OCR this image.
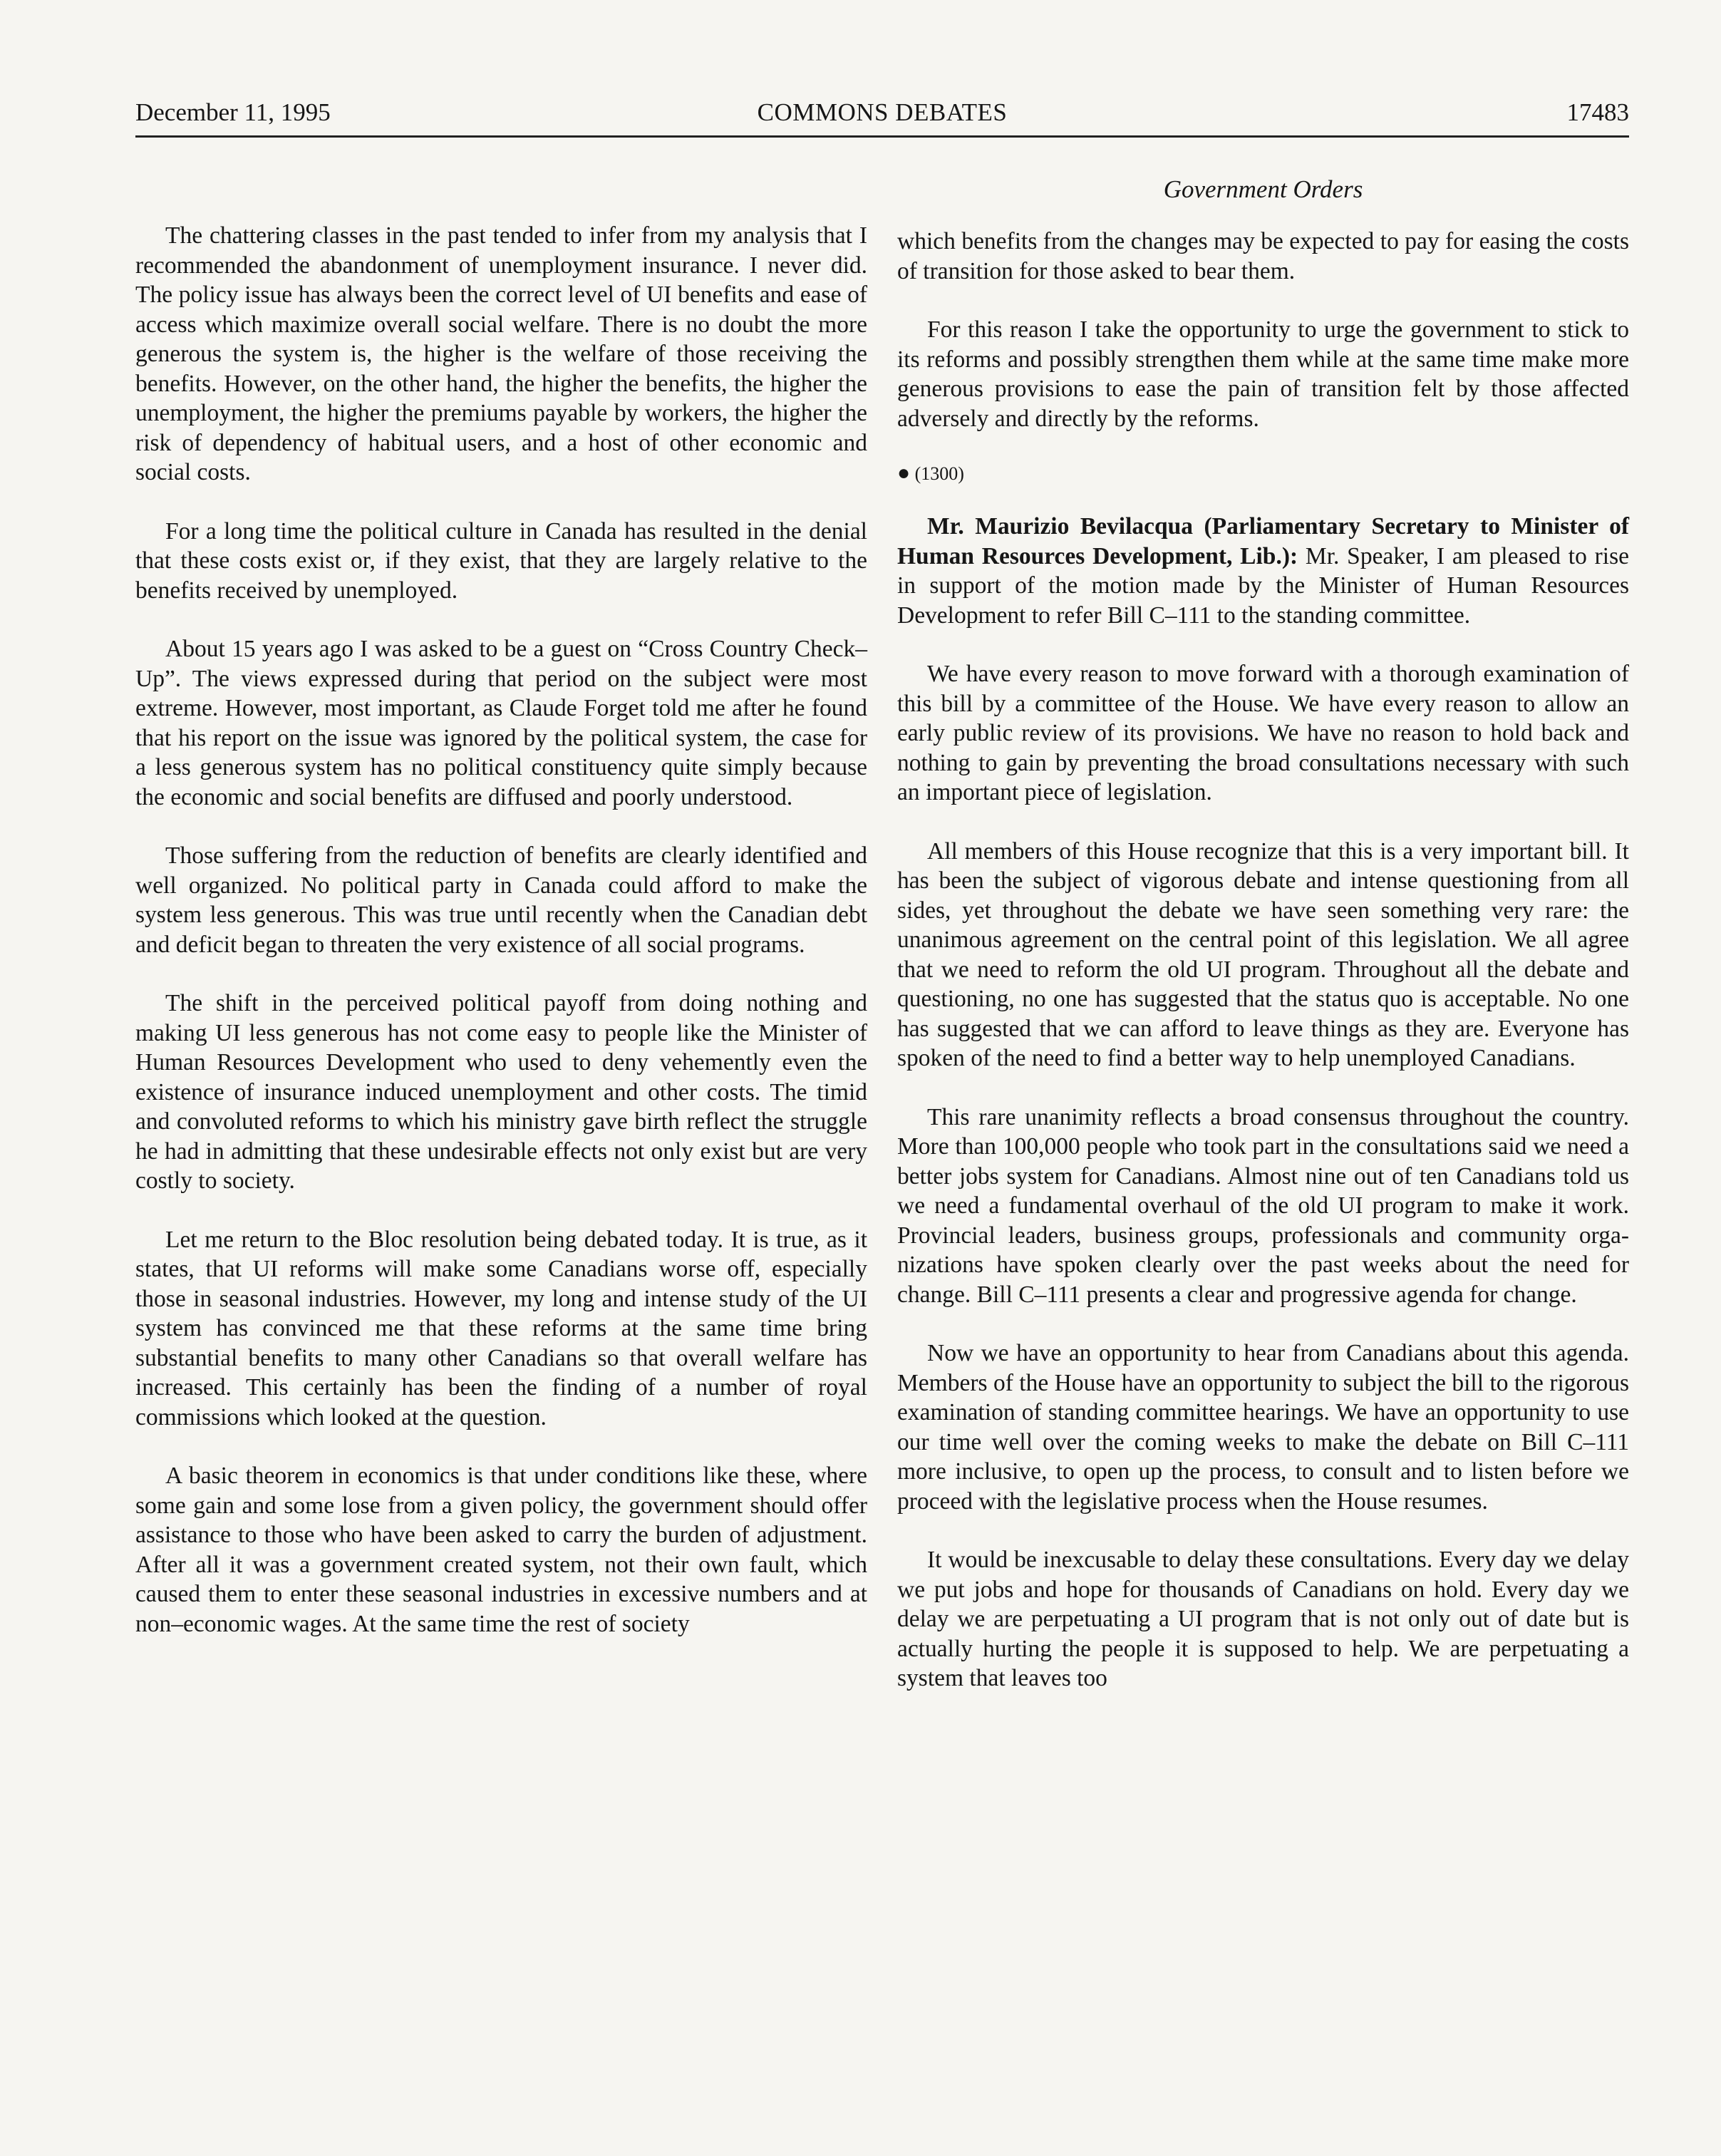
December 11, 1995	COMMONS DEBATES	17483
Government Orders

The chattering classes in the past tended to infer from my analysis that I recommended the abandonment of unemployment insurance. I never did. The policy issue has always been the correct level of UI benefits and ease of access which maximize overall social welfare. There is no doubt the more generous the system is, the higher is the welfare of those receiving the benefits. However, on the other hand, the higher the benefits, the higher the unemployment, the higher the premiums payable by workers, the higher the risk of dependency of habitual users, and a host of other economic and social costs.

For a long time the political culture in Canada has resulted in the denial that these costs exist or, if they exist, that they are largely relative to the benefits received by unemployed.

About 15 years ago I was asked to be a guest on “Cross Country Check–Up”. The views expressed during that period on the subject were most extreme. However, most important, as Claude Forget told me after he found that his report on the issue was ignored by the political system, the case for a less generous system has no political constituency quite simply because the economic and social benefits are diffused and poorly understood.

Those suffering from the reduction of benefits are clearly identified and well organized. No political party in Canada could afford to make the system less generous. This was true until recently when the Canadian debt and deficit began to threaten the very existence of all social programs.

The shift in the perceived political payoff from doing nothing and making UI less generous has not come easy to people like the Minister of Human Resources Development who used to deny vehemently even the existence of insurance induced unemployment and other costs. The timid and convoluted reforms to which his ministry gave birth reflect the struggle he had in admitting that these undesirable effects not only exist but are very costly to society.

Let me return to the Bloc resolution being debated today. It is true, as it states, that UI reforms will make some Canadians worse off, especially those in seasonal industries. However, my long and intense study of the UI system has convinced me that these reforms at the same time bring substantial benefits to many other Canadians so that overall welfare has increased. This certainly has been the finding of a number of royal commissions which looked at the question.

A basic theorem in economics is that under conditions like these, where some gain and some lose from a given policy, the government should offer assistance to those who have been asked to carry the burden of adjustment. After all it was a government created system, not their own fault, which caused them to enter these seasonal industries in excessive numbers and at non–economic wages. At the same time the rest of society

which benefits from the changes may be expected to pay for easing the costs of transition for those asked to bear them.

For this reason I take the opportunity to urge the government to stick to its reforms and possibly strengthen them while at the same time make more generous provisions to ease the pain of transition felt by those affected adversely and directly by the reforms.

● (1300)

Mr. Maurizio Bevilacqua (Parliamentary Secretary to Minister of Human Resources Development, Lib.): Mr. Speaker, I am pleased to rise in support of the motion made by the Minister of Human Resources Development to refer Bill C–111 to the standing committee.

We have every reason to move forward with a thorough examination of this bill by a committee of the House. We have every reason to allow an early public review of its provisions. We have no reason to hold back and nothing to gain by preventing the broad consultations necessary with such an important piece of legislation.

All members of this House recognize that this is a very important bill. It has been the subject of vigorous debate and intense questioning from all sides, yet throughout the debate we have seen something very rare: the unanimous agreement on the central point of this legislation. We all agree that we need to reform the old UI program. Throughout all the debate and questioning, no one has suggested that the status quo is acceptable. No one has suggested that we can afford to leave things as they are. Everyone has spoken of the need to find a better way to help unemployed Canadians.

This rare unanimity reflects a broad consensus throughout the country. More than 100,000 people who took part in the consultations said we need a better jobs system for Canadians. Almost nine out of ten Canadians told us we need a fundamental overhaul of the old UI program to make it work. Provincial leaders, business groups, professionals and community organizations have spoken clearly over the past weeks about the need for change. Bill C–111 presents a clear and progressive agenda for change.

Now we have an opportunity to hear from Canadians about this agenda. Members of the House have an opportunity to subject the bill to the rigorous examination of standing committee hearings. We have an opportunity to use our time well over the coming weeks to make the debate on Bill C–111 more inclusive, to open up the process, to consult and to listen before we proceed with the legislative process when the House resumes.

It would be inexcusable to delay these consultations. Every day we delay we put jobs and hope for thousands of Canadians on hold. Every day we delay we are perpetuating a UI program that is not only out of date but is actually hurting the people it is supposed to help. We are perpetuating a system that leaves too
